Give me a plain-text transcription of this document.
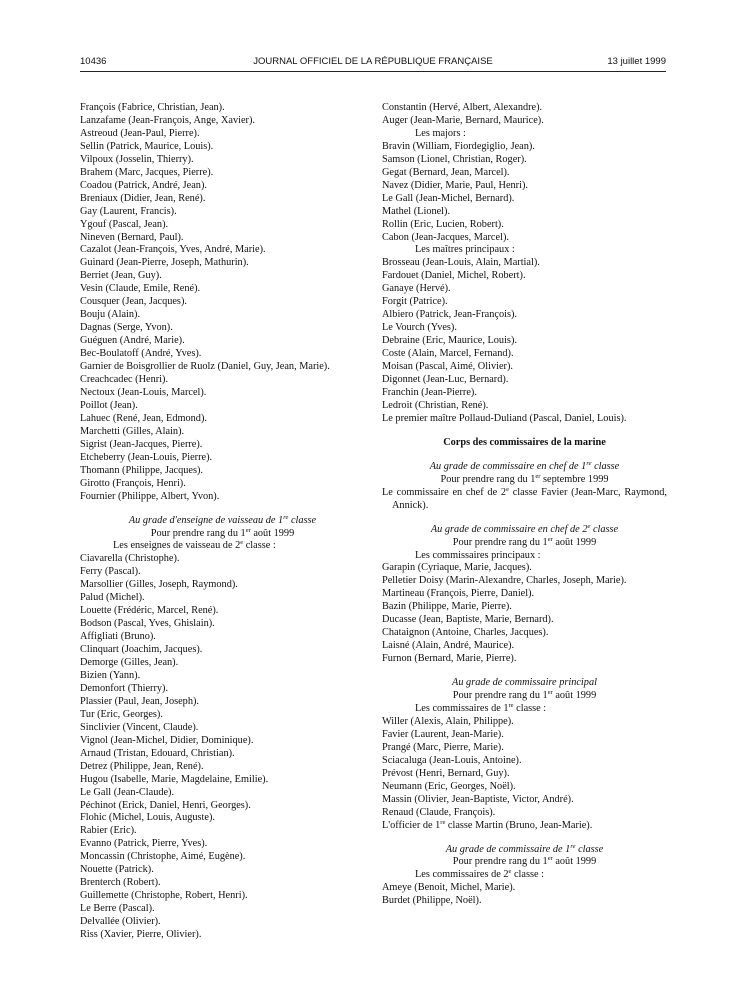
10436	JOURNAL OFFICIEL DE LA RÉPUBLIQUE FRANÇAISE	13 juillet 1999
François (Fabrice, Christian, Jean).
Lanzafame (Jean-François, Ange, Xavier).
Astreoud (Jean-Paul, Pierre).
Sellin (Patrick, Maurice, Louis).
Vilpoux (Josselin, Thierry).
Brahem (Marc, Jacques, Pierre).
Coadou (Patrick, André, Jean).
Breniaux (Didier, Jean, René).
Gay (Laurent, Francis).
Ygouf (Pascal, Jean).
Nineven (Bernard, Paul).
Cazalot (Jean-François, Yves, André, Marie).
Guinard (Jean-Pierre, Joseph, Mathurin).
Berriet (Jean, Guy).
Vesin (Claude, Emile, René).
Cousquer (Jean, Jacques).
Bouju (Alain).
Dagnas (Serge, Yvon).
Guéguen (André, Marie).
Bec-Boulatoff (André, Yves).
Garnier de Boisgrollier de Ruolz (Daniel, Guy, Jean, Marie).
Creachcadec (Henri).
Nectoux (Jean-Louis, Marcel).
Poillot (Jean).
Lahuec (René, Jean, Edmond).
Marchetti (Gilles, Alain).
Sigrist (Jean-Jacques, Pierre).
Etcheberry (Jean-Louis, Pierre).
Thomann (Philippe, Jacques).
Girotto (François, Henri).
Fournier (Philippe, Albert, Yvon).
Au grade d'enseigne de vaisseau de 1re classe
Pour prendre rang du 1er août 1999
Les enseignes de vaisseau de 2e classe :
Ciavarella (Christophe).
Ferry (Pascal).
Marsollier (Gilles, Joseph, Raymond).
Palud (Michel).
Louette (Frédéric, Marcel, René).
Bodson (Pascal, Yves, Ghislain).
Affigliati (Bruno).
Clinquart (Joachim, Jacques).
Demorge (Gilles, Jean).
Bizien (Yann).
Demonfort (Thierry).
Plassier (Paul, Jean, Joseph).
Tur (Eric, Georges).
Sinclivier (Vincent, Claude).
Vignol (Jean-Michel, Didier, Dominique).
Arnaud (Tristan, Edouard, Christian).
Detrez (Philippe, Jean, René).
Hugou (Isabelle, Marie, Magdelaine, Emilie).
Le Gall (Jean-Claude).
Péchinot (Erick, Daniel, Henri, Georges).
Flohic (Michel, Louis, Auguste).
Rabier (Eric).
Evanno (Patrick, Pierre, Yves).
Moncassin (Christophe, Aimé, Eugène).
Nouette (Patrick).
Brenterch (Robert).
Guillemette (Christophe, Robert, Henri).
Le Berre (Pascal).
Delvallée (Olivier).
Riss (Xavier, Pierre, Olivier).
Constantin (Hervé, Albert, Alexandre).
Auger (Jean-Marie, Bernard, Maurice).
Les majors :
Bravin (William, Fiordegiglio, Jean).
Samson (Lionel, Christian, Roger).
Gegat (Bernard, Jean, Marcel).
Navez (Didier, Marie, Paul, Henri).
Le Gall (Jean-Michel, Bernard).
Mathel (Lionel).
Rollin (Eric, Lucien, Robert).
Cabon (Jean-Jacques, Marcel).
Les maîtres principaux :
Brosseau (Jean-Louis, Alain, Martial).
Fardouet (Daniel, Michel, Robert).
Ganaye (Hervé).
Forgit (Patrice).
Albiero (Patrick, Jean-François).
Le Vourch (Yves).
Debraine (Eric, Maurice, Louis).
Coste (Alain, Marcel, Fernand).
Moisan (Pascal, Aimé, Olivier).
Digonnet (Jean-Luc, Bernard).
Franchin (Jean-Pierre).
Ledroit (Christian, René).
Le premier maître Pollaud-Duliand (Pascal, Daniel, Louis).
Corps des commissaires de la marine
Au grade de commissaire en chef de 1re classe
Pour prendre rang du 1er septembre 1999
Le commissaire en chef de 2e classe Favier (Jean-Marc, Raymond, Annick).
Au grade de commissaire en chef de 2e classe
Pour prendre rang du 1er août 1999
Les commissaires principaux :
Garapin (Cyriaque, Marie, Jacques).
Pelletier Doisy (Marin-Alexandre, Charles, Joseph, Marie).
Martineau (François, Pierre, Daniel).
Bazin (Philippe, Marie, Pierre).
Ducasse (Jean, Baptiste, Marie, Bernard).
Chataignon (Antoine, Charles, Jacques).
Laisné (Alain, André, Maurice).
Furnon (Bernard, Marie, Pierre).
Au grade de commissaire principal
Pour prendre rang du 1er août 1999
Les commissaires de 1re classe :
Willer (Alexis, Alain, Philippe).
Favier (Laurent, Jean-Marie).
Prangé (Marc, Pierre, Marie).
Sciacaluga (Jean-Louis, Antoine).
Prévost (Henri, Bernard, Guy).
Neumann (Eric, Georges, Noël).
Massin (Olivier, Jean-Baptiste, Victor, André).
Renaud (Claude, François).
L'officier de 1re classe Martin (Bruno, Jean-Marie).
Au grade de commissaire de 1re classe
Pour prendre rang du 1er août 1999
Les commissaires de 2e classe :
Ameye (Benoit, Michel, Marie).
Burdet (Philippe, Noël).
